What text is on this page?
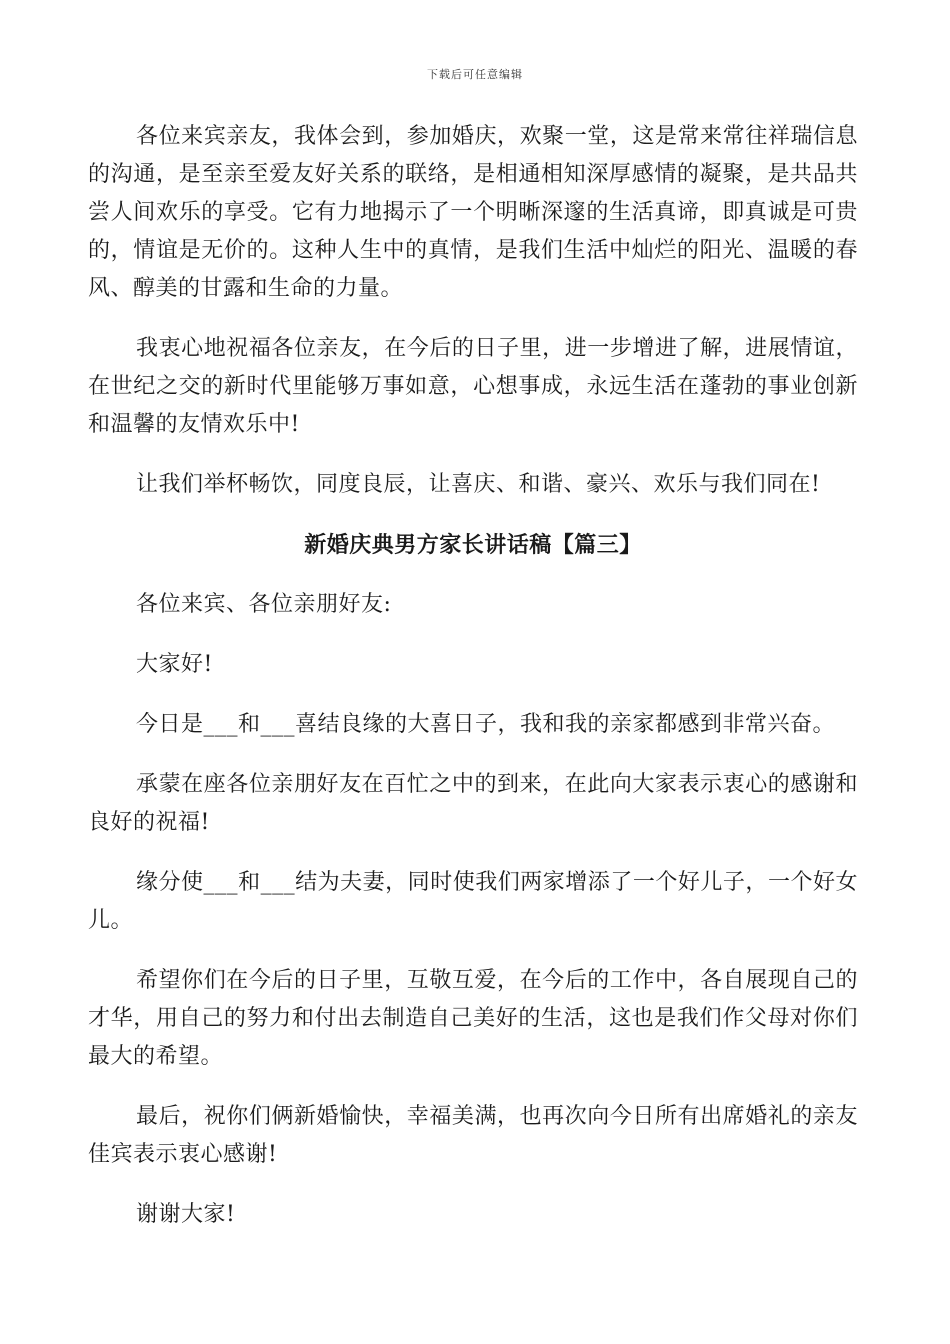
下载后可任意编辑

各位来宾亲友，我体会到，参加婚庆，欢聚一堂，这是常来常往祥瑞信息的沟通，是至亲至爱友好关系的联络，是相通相知深厚感情的凝聚，是共品共尝人间欢乐的享受。它有力地揭示了一个明晰深邃的生活真谛，即真诚是可贵的，情谊是无价的。这种人生中的真情，是我们生活中灿烂的阳光、温暖的春风、醇美的甘露和生命的力量。

我衷心地祝福各位亲友，在今后的日子里，进一步增进了解，进展情谊，在世纪之交的新时代里能够万事如意，心想事成，永远生活在蓬勃的事业创新和温馨的友情欢乐中!

让我们举杯畅饮，同度良辰，让喜庆、和谐、豪兴、欢乐与我们同在!

新婚庆典男方家长讲话稿【篇三】

各位来宾、各位亲朋好友:

大家好!

今日是___和___喜结良缘的大喜日子，我和我的亲家都感到非常兴奋。

承蒙在座各位亲朋好友在百忙之中的到来，在此向大家表示衷心的感谢和良好的祝福!

缘分使___和___结为夫妻，同时使我们两家增添了一个好儿子，一个好女儿。

希望你们在今后的日子里，互敬互爱，在今后的工作中，各自展现自己的才华，用自己的努力和付出去制造自己美好的生活，这也是我们作父母对你们最大的希望。

最后，祝你们俩新婚愉快，幸福美满，也再次向今日所有出席婚礼的亲友佳宾表示衷心感谢!

谢谢大家!
